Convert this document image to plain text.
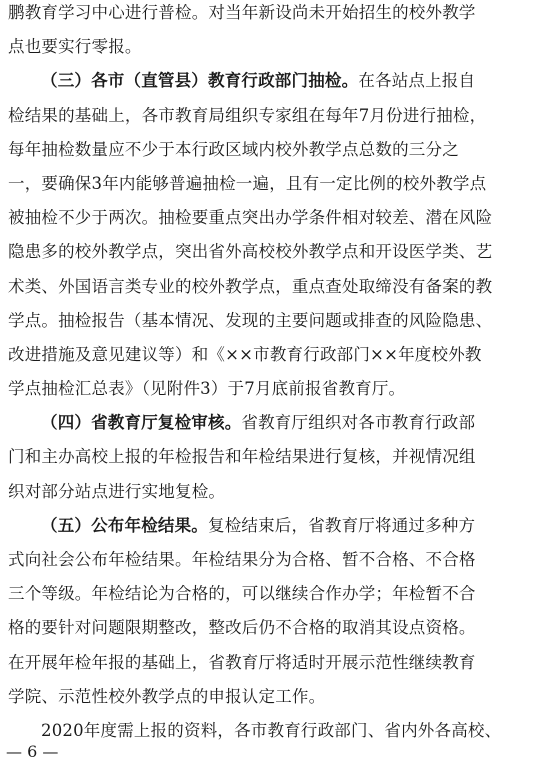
鹏教育学习中心进行普检。对当年新设尚未开始招生的校外教学
点也要实行零报。
（三）各市（直管县）教育行政部门抽检。在各站点上报自
检结果的基础上，各市教育局组织专家组在每年7月份进行抽检，
每年抽检数量应不少于本行政区域内校外教学点总数的三分之
一，要确保3年内能够普遍抽检一遍，且有一定比例的校外教学点
被抽检不少于两次。抽检要重点突出办学条件相对较差、潜在风险
隐患多的校外教学点，突出省外高校校外教学点和开设医学类、艺
术类、外国语言类专业的校外教学点，重点查处取缔没有备案的教
学点。抽检报告（基本情况、发现的主要问题或排查的风险隐患、
改进措施及意见建议等）和《××市教育行政部门××年度校外教
学点抽检汇总表》（见附件3）于7月底前报省教育厅。
（四）省教育厅复检审核。省教育厅组织对各市教育行政部
门和主办高校上报的年检报告和年检结果进行复核，并视情况组
织对部分站点进行实地复检。
（五）公布年检结果。复检结束后，省教育厅将通过多种方
式向社会公布年检结果。年检结果分为合格、暂不合格、不合格
三个等级。年检结论为合格的，可以继续合作办学；年检暂不合
格的要针对问题限期整改，整改后仍不合格的取消其设点资格。
在开展年检年报的基础上，省教育厅将适时开展示范性继续教育
学院、示范性校外教学点的申报认定工作。
2020年度需上报的资料，各市教育行政部门、省内外各高校、
— 6 —
